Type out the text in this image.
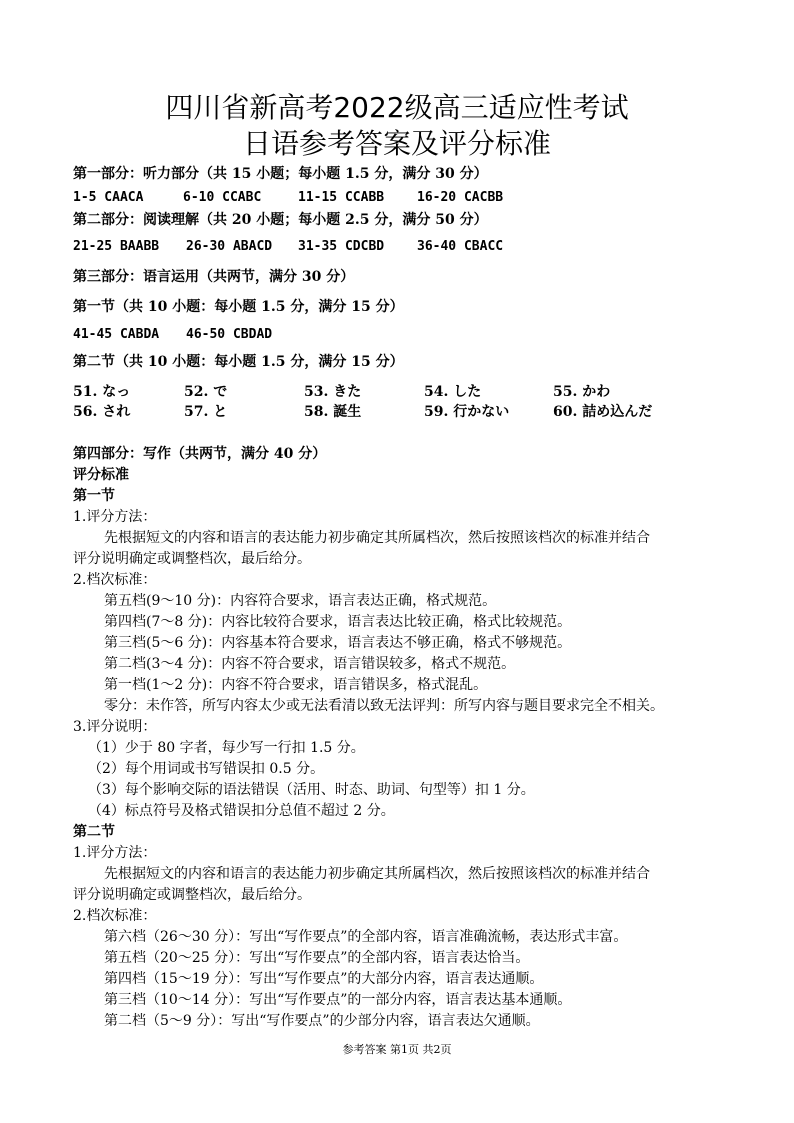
四川省新高考2022级高三适应性考试
日语参考答案及评分标准
第一部分：听力部分（共 15 小题；每小题 1.5 分，满分 30 分）
1-5 CAACA	6-10 CCABC	11-15 CCABB	16-20 CACBB
第二部分：阅读理解（共 20 小题；每小题 2.5 分，满分 50 分）
21-25 BAABB 26-30 ABACD 31-35 CDCBD	36-40 CBACC
第三部分：语言运用（共两节，满分 30 分）
第一节（共 10 小题：每小题 1.5 分，满分 15 分）
41-45 CABDA 46-50 CBDAD
第二节（共 10 小题：每小题 1.5 分，满分 15 分）
51. なっ	52. で	53. きた	54. した	55. かわ
56. され	57. と	58. 誕生	59. 行かない	60. 詰め込んだ
第四部分：写作（共两节，满分 40 分）
评分标准
第一节
1.评分方法：
先根据短文的内容和语言的表达能力初步确定其所属档次，然后按照该档次的标准并结合
评分说明确定或调整档次，最后给分。
2.档次标准：
第五档(9～10 分)：内容符合要求，语言表达正确，格式规范。
第四档(7～8 分)：内容比较符合要求，语言表达比较正确，格式比较规范。
第三档(5～6 分)：内容基本符合要求，语言表达不够正确，格式不够规范。
第二档(3～4 分)：内容不符合要求，语言错误较多，格式不规范。
第一档(1～2 分)：内容不符合要求，语言错误多，格式混乱。
零分：未作答，所写内容太少或无法看清以致无法评判：所写内容与题目要求完全不相关。
3.评分说明：
（1）少于 80 字者，每少写一行扣 1.5 分。
（2）每个用词或书写错误扣 0.5 分。
（3）每个影响交际的语法错误（活用、时态、助词、句型等）扣 1 分。
（4）标点符号及格式错误扣分总值不超过 2 分。
第二节
1.评分方法：
先根据短文的内容和语言的表达能力初步确定其所属档次，然后按照该档次的标准并结合
评分说明确定或调整档次，最后给分。
2.档次标准：
第六档（26～30 分）：写出“写作要点”的全部内容，语言准确流畅，表达形式丰富。
第五档（20～25 分）：写出“写作要点”的全部内容，语言表达恰当。
第四档（15～19 分）：写出“写作要点”的大部分内容，语言表达通顺。
第三档（10～14 分）：写出“写作要点”的一部分内容，语言表达基本通顺。
第二档（5～9 分）：写出“写作要点”的少部分内容，语言表达欠通顺。
参考答案 第1页 共2页
